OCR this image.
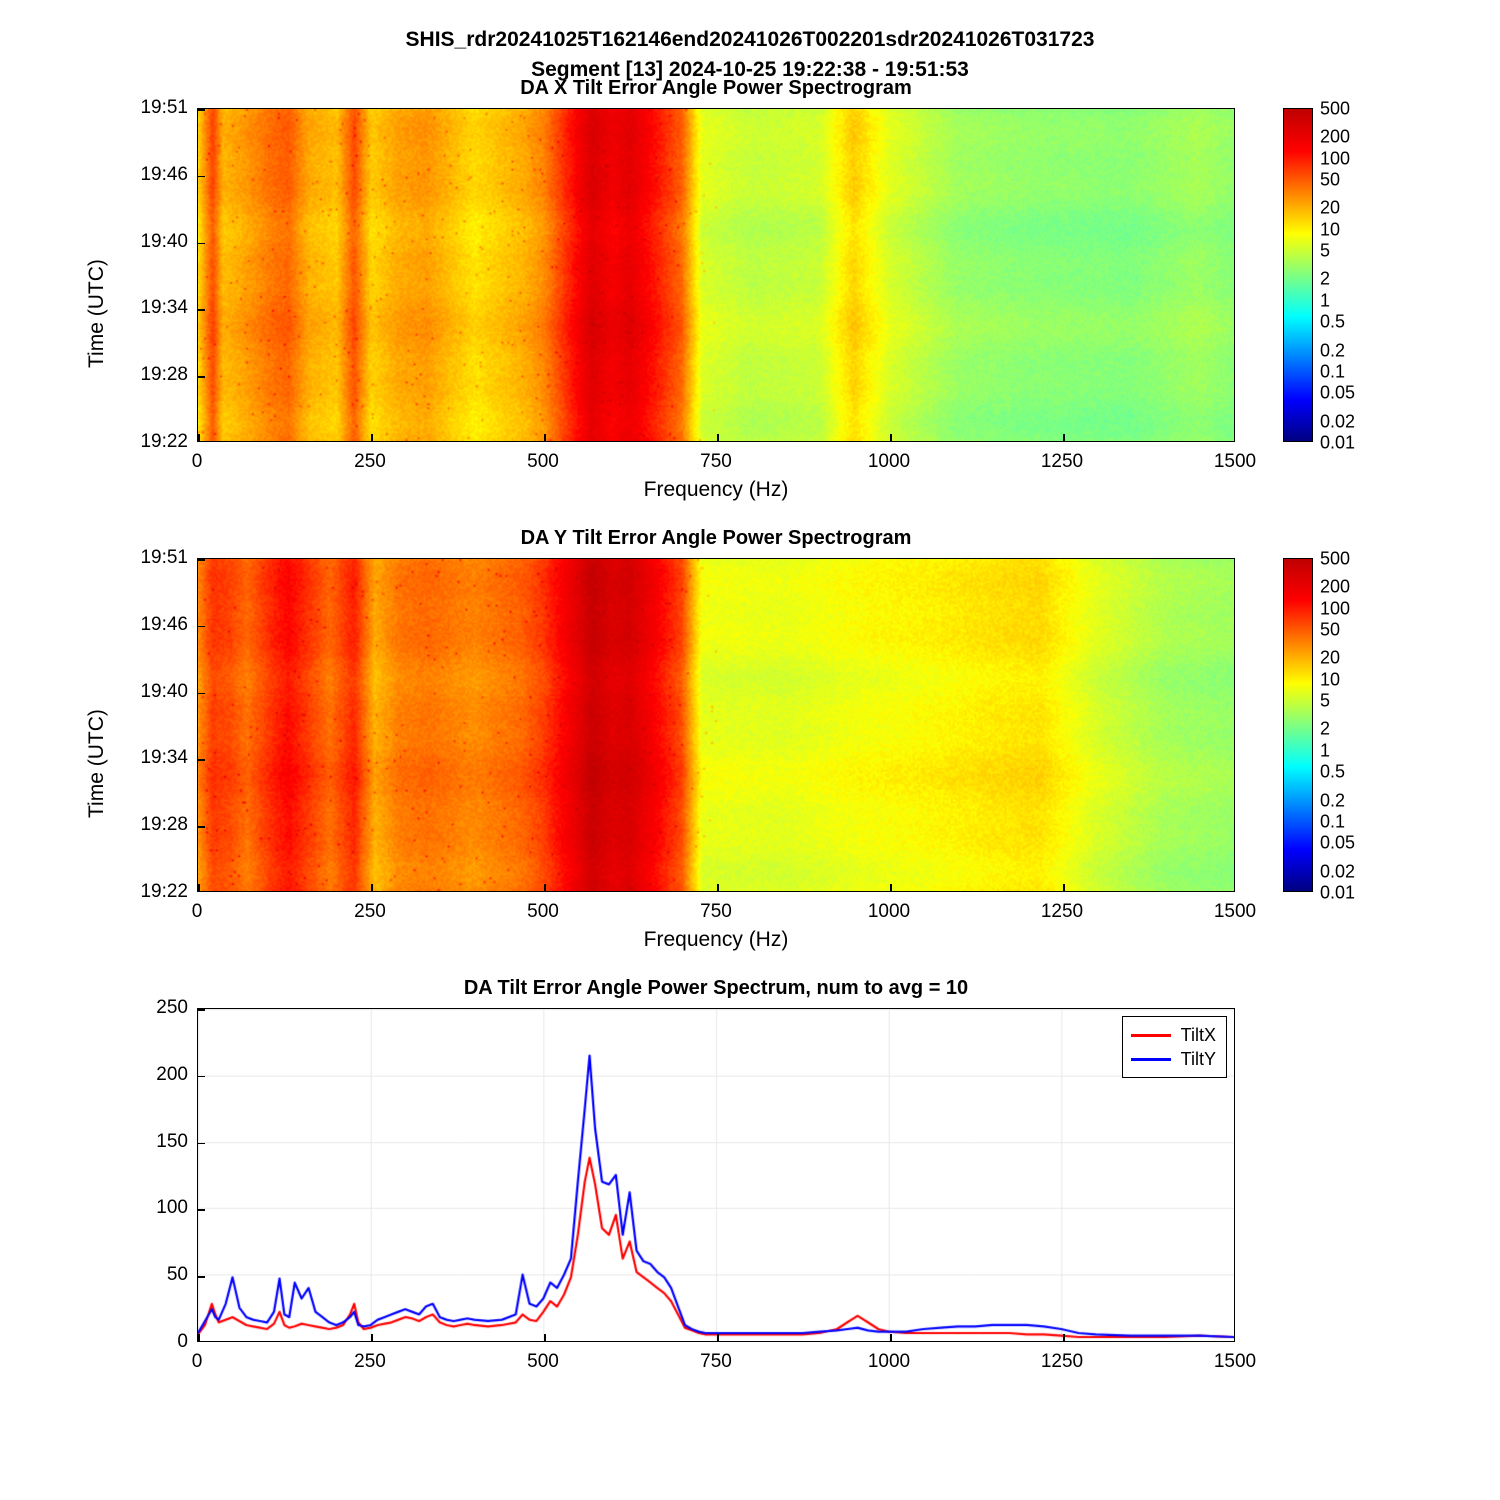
SHIS_rdr20241025T162146end20241026T002201sdr20241026T031723
Segment [13] 2024-10-25 19:22:38 - 19:51:53
DA X Tilt Error Angle Power Spectrogram
Time (UTC)
Frequency (Hz)
0	250	500	750	1000	1250	1500
19:22
19:28
19:34
19:40
19:46
19:51	500
200
100
50
20
10
5
2
1
0.5
0.2
0.1
0.05
0.02
0.01
DA Y Tilt Error Angle Power Spectrogram
Time (UTC)
Frequency (Hz)
0	250	500	750	1000	1250	1500
19:22
19:28
19:34
19:40
19:46
19:51	500
200
100
50
20
10
5
2
1
0.5
0.2
0.1
0.05
0.02
0.01
DA Tilt Error Angle Power Spectrum, num to avg = 10
TiltX
TiltY
0	250	500	750	1000	1250	1500
0
50
100
150
200
250
